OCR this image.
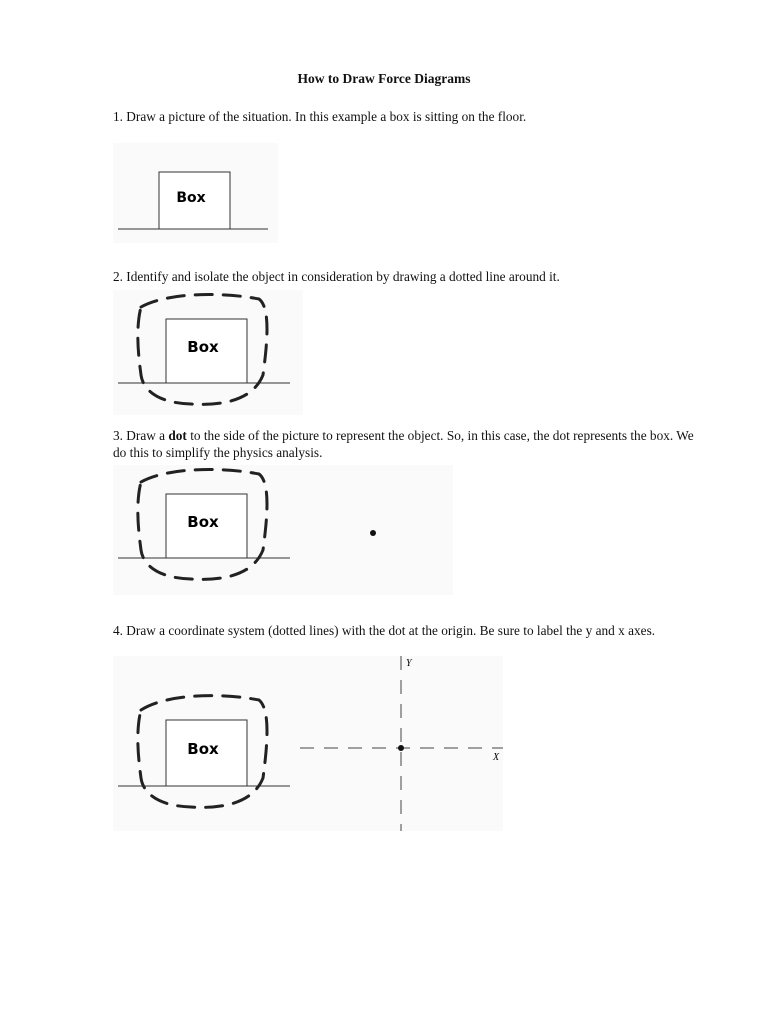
How to Draw Force Diagrams
1. Draw a picture of the situation. In this example a box is sitting on the floor.
Box
2. Identify and isolate the object in consideration by drawing a dotted line around it.
Box
3. Draw a dot to the side of the picture to represent the object. So, in this case, the dot represents the box. We do this to simplify the physics analysis.
Box
4. Draw a coordinate system (dotted lines) with the dot at the origin. Be sure to label the y and x axes.
Box
Y
X
